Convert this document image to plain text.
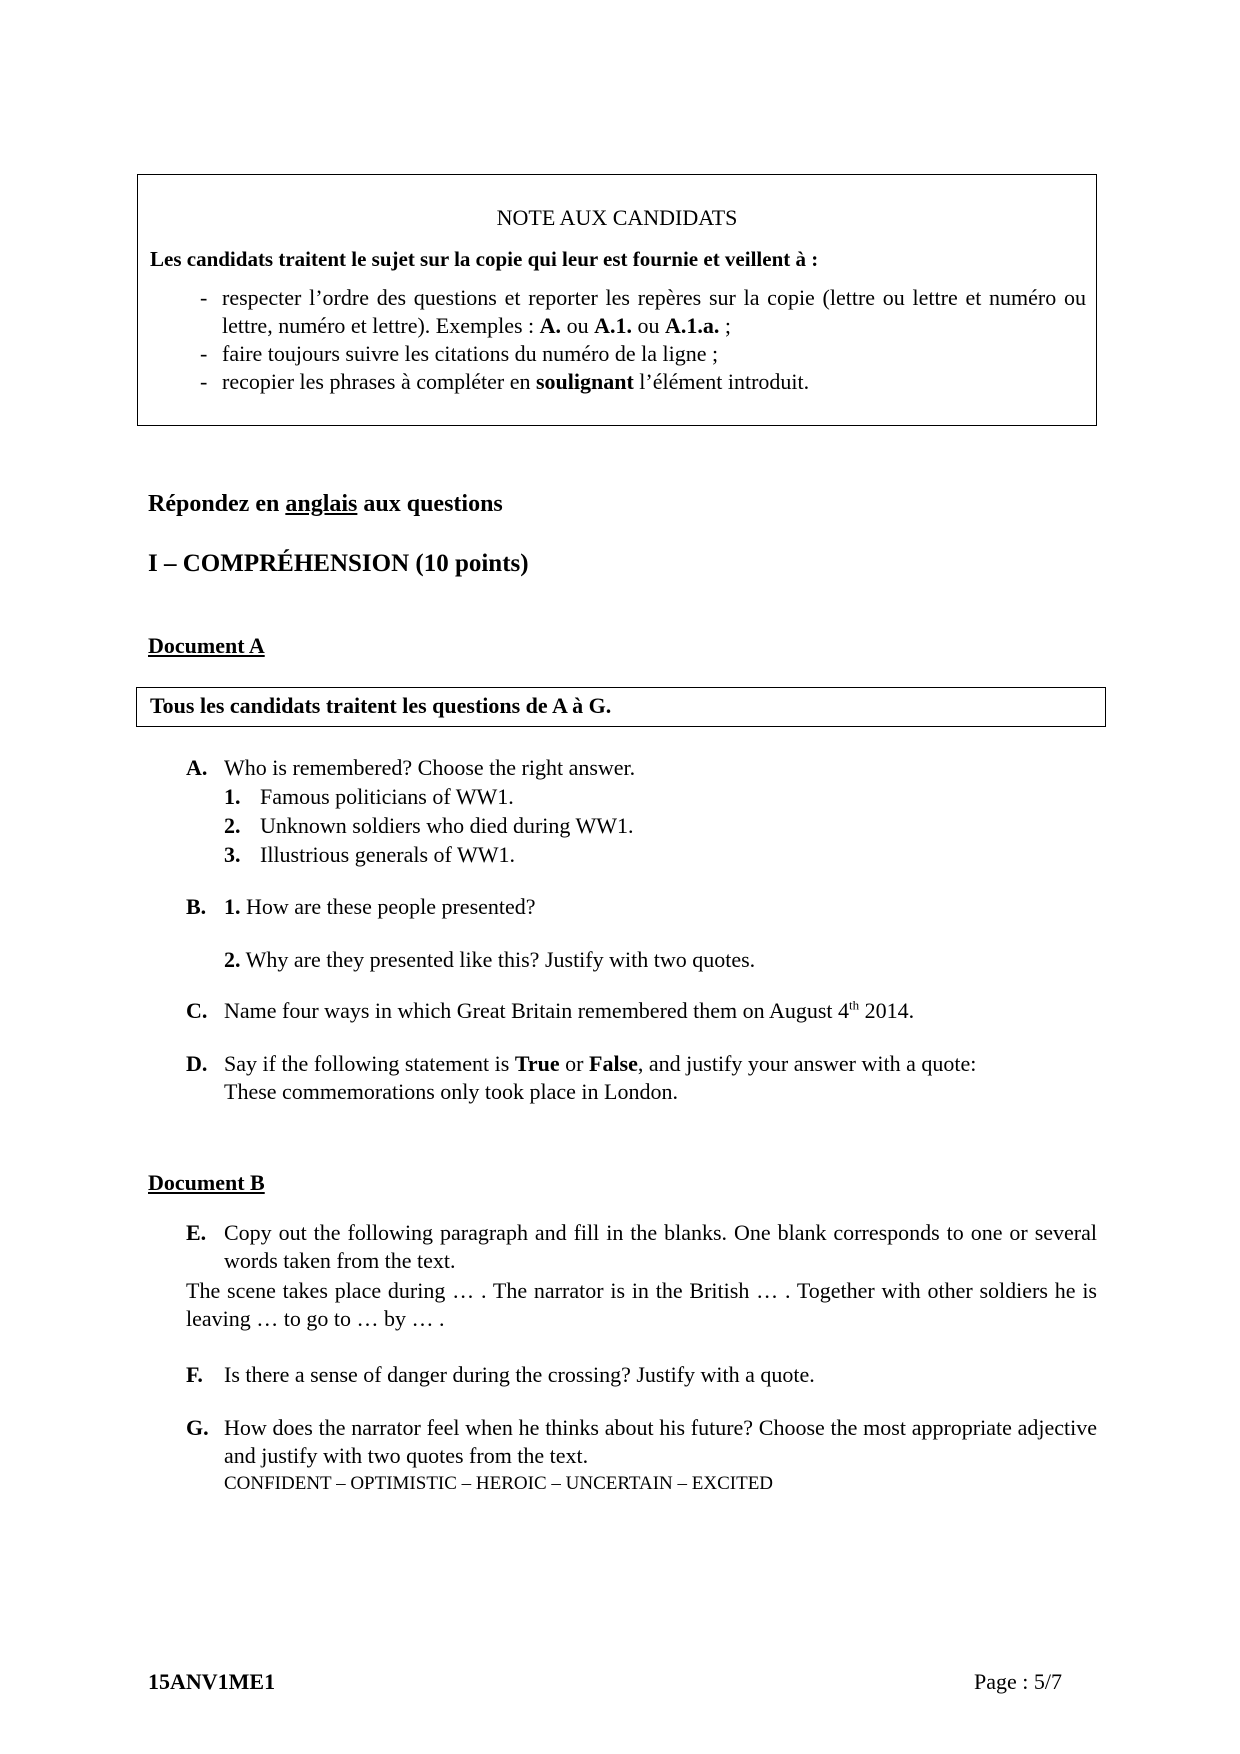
NOTE AUX CANDIDATS
Les candidats traitent le sujet sur la copie qui leur est fournie et veillent à :
- respecter l’ordre des questions et reporter les repères sur la copie (lettre ou lettre et numéro ou lettre, numéro et lettre). Exemples : A. ou A.1. ou A.1.a. ;
- faire toujours suivre les citations du numéro de la ligne ;
- recopier les phrases à compléter en soulignant l’élément introduit.
Répondez en anglais aux questions
I – COMPRÉHENSION (10 points)
Document A
Tous les candidats traitent les questions de A à G.
A. Who is remembered? Choose the right answer.
1. Famous politicians of WW1.
2. Unknown soldiers who died during WW1.
3. Illustrious generals of WW1.
B. 1. How are these people presented?
2. Why are they presented like this? Justify with two quotes.
C. Name four ways in which Great Britain remembered them on August 4th 2014.
D. Say if the following statement is True or False, and justify your answer with a quote:
These commemorations only took place in London.
Document B
E. Copy out the following paragraph and fill in the blanks. One blank corresponds to one or several words taken from the text.
The scene takes place during … . The narrator is in the British … . Together with other soldiers he is leaving … to go to … by … .
F. Is there a sense of danger during the crossing? Justify with a quote.
G. How does the narrator feel when he thinks about his future? Choose the most appropriate adjective and justify with two quotes from the text.
CONFIDENT – OPTIMISTIC – HEROIC – UNCERTAIN – EXCITED
15ANV1ME1	Page : 5/7
